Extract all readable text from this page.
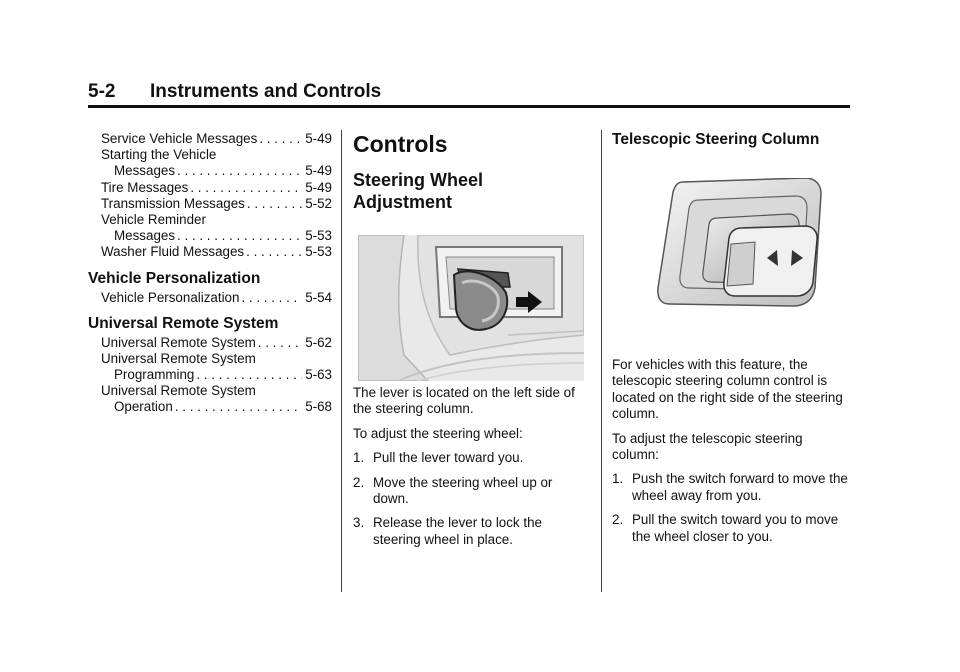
5-2 Instruments and Controls
Service Vehicle Messages . . .	5-49
Starting the Vehicle
Messages . . .	5-49
Tire Messages . . .	5-49
Transmission Messages . . .	5-52
Vehicle Reminder
Messages . . .	5-53
Washer Fluid Messages . . .	5-53
Vehicle Personalization
Vehicle Personalization . . .	5-54
Universal Remote System
Universal Remote System . . .	5-62
Universal Remote System
Programming . . .	5-63
Universal Remote System
Operation . . .	5-68
Controls
Steering Wheel
Adjustment
The lever is located on the left side of the steering column.
To adjust the steering wheel:
1. Pull the lever toward you.
2. Move the steering wheel up or down.
3. Release the lever to lock the steering wheel in place.
Telescopic Steering Column
For vehicles with this feature, the telescopic steering column control is located on the right side of the steering column.
To adjust the telescopic steering column:
1. Push the switch forward to move the wheel away from you.
2. Pull the switch toward you to move the wheel closer to you.
